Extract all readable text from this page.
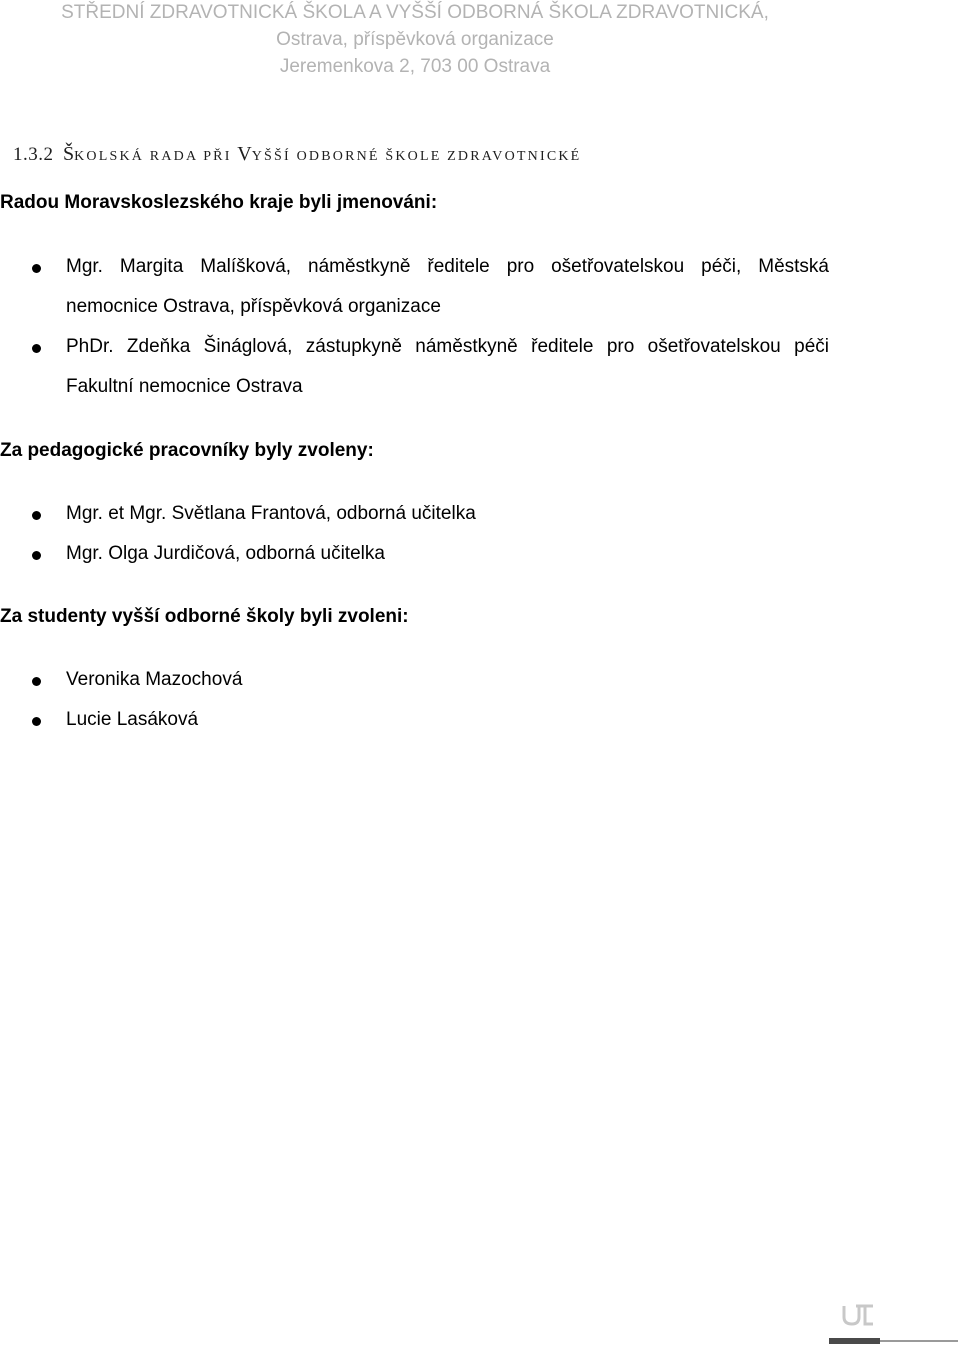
STŘEDNÍ ZDRAVOTNICKÁ ŠKOLA A VYŠŠÍ ODBORNÁ ŠKOLA ZDRAVOTNICKÁ,
Ostrava, příspěvková organizace
Jeremenkova 2, 703 00 Ostrava
1.3.2 ŠKOLSKÁ RADA PŘI VYŠŠÍ ODBORNÉ ŠKOLE ZDRAVOTNICKÉ
Radou Moravskoslezského kraje byli jmenováni:
Mgr. Margita Malíšková, náměstkyně ředitele pro ošetřovatelskou péči, Městská
nemocnice Ostrava, příspěvková organizace
PhDr. Zdeňka Šináglová, zástupkyně náměstkyně ředitele pro ošetřovatelskou péči
Fakultní nemocnice Ostrava
Za pedagogické pracovníky byly zvoleny:
Mgr. et Mgr. Světlana Frantová, odborná učitelka
Mgr. Olga Jurdičová, odborná učitelka
Za studenty vyšší odborné školy byli zvoleni:
Veronika Mazochová
Lucie Lasáková
